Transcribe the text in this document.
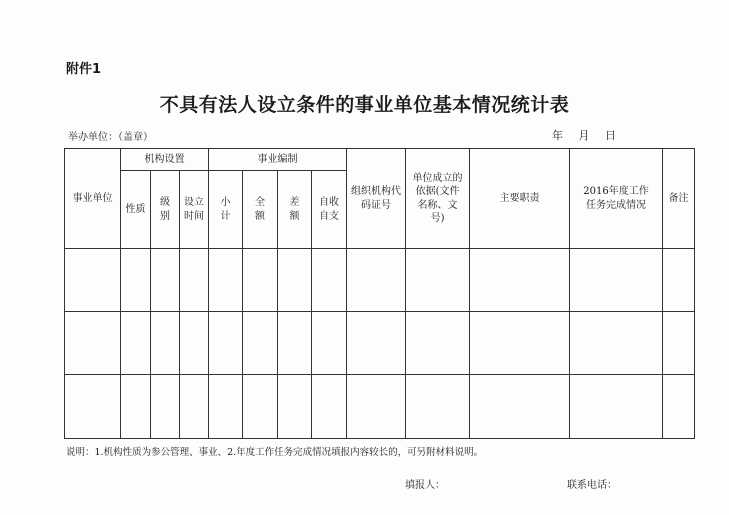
附件1
不具有法人设立条件的事业单位基本情况统计表
举办单位：（盖章）	年 月 日
事业单位	机构设置			事业编制				组织机构代码证号	单位成立的依据(文件名称、文号)	主要职责	2016年度工作任务完成情况	备注
	性质	级别	设立时间	小计	全额	差额	自收自支					

说明：1.机构性质为参公管理、事业、2.年度工作任务完成情况填报内容较长的，可另附材料说明。
填报人：	联系电话：
